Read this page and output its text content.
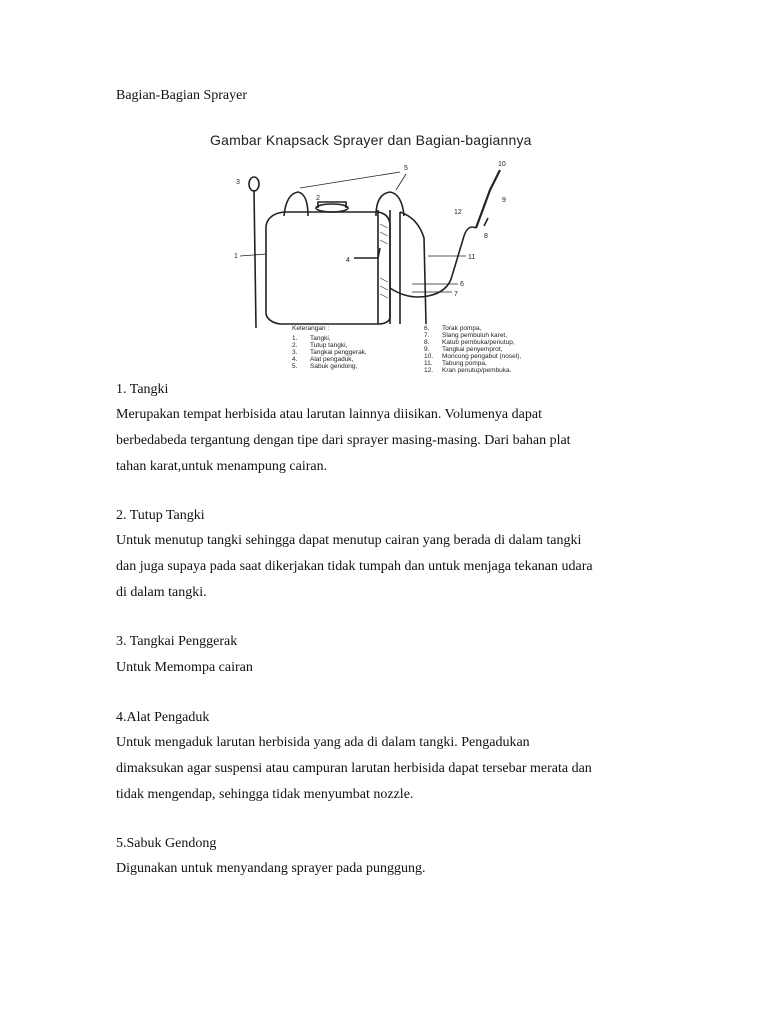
Bagian-Bagian Sprayer
Gambar Knapsack Sprayer dan Bagian-bagiannya
3
1
2
5
4	11
6
7
8
9
10
12
Keterangan :
1. Tangki,
2. Tutup tangki,
3. Tangkai penggerak,
4. Alat pengaduk,
5. Sabuk gendong,
6. Torak pompa,
7. Slang pembuluh karet,
8. Katub pembuka/penutup,
9. Tangkai penyemprot,
10. Moncong pengabut (nosel),
11. Tabung pompa,
12. Kran penutup/pembuka.
1. Tangki
Merupakan tempat herbisida atau larutan lainnya diisikan. Volumenya dapat
berbedabeda tergantung dengan tipe dari sprayer masing-masing. Dari bahan plat
tahan karat,untuk menampung cairan.
2. Tutup Tangki
Untuk menutup tangki sehingga dapat menutup cairan yang berada di dalam tangki
dan juga supaya pada saat dikerjakan tidak tumpah dan untuk menjaga tekanan udara
di dalam tangki.
3. Tangkai Penggerak
Untuk Memompa cairan
4.Alat Pengaduk
Untuk mengaduk larutan herbisida yang ada di dalam tangki. Pengadukan
dimaksukan agar suspensi atau campuran larutan herbisida dapat tersebar merata dan
tidak mengendap, sehingga tidak menyumbat nozzle.
5.Sabuk Gendong
Digunakan untuk menyandang sprayer pada punggung.
